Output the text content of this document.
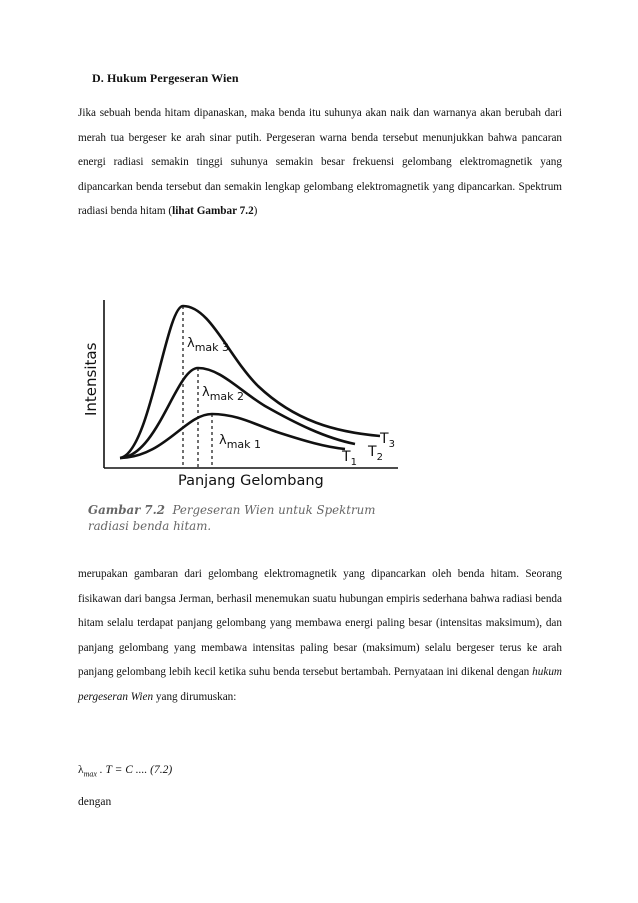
D. Hukum Pergeseran Wien
Jika sebuah benda hitam dipanaskan, maka benda itu suhunya akan naik dan warnanya akan berubah dari merah tua bergeser ke arah sinar putih. Pergeseran warna benda tersebut menunjukkan bahwa pancaran energi radiasi semakin tinggi suhunya semakin besar frekuensi gelombang elektromagnetik yang dipancarkan benda tersebut dan semakin lengkap gelombang elektromagnetik yang dipancarkan. Spektrum radiasi benda hitam (lihat Gambar 7.2)
Intensitas
Panjang Gelombang
$\lambda_{mak 3}$
$\lambda_{mak 2}$
$\lambda_{mak 1}$
$T_1$
$T_2$
$T_3$
Gambar 7.2 Pergeseran Wien untuk Spektrum radiasi benda hitam.
merupakan gambaran dari gelombang elektromagnetik yang dipancarkan oleh benda hitam. Seorang fisikawan dari bangsa Jerman, berhasil menemukan suatu hubungan empiris sederhana bahwa radiasi benda hitam selalu terdapat panjang gelombang yang membawa energi paling besar (intensitas maksimum), dan panjang gelombang yang membawa intensitas paling besar (maksimum) selalu bergeser terus ke arah panjang gelombang lebih kecil ketika suhu benda tersebut bertambah. Pernyataan ini dikenal dengan hukum pergeseran Wien yang dirumuskan:
$\lambda_{max}$ . T = C .... (7.2)
dengan
